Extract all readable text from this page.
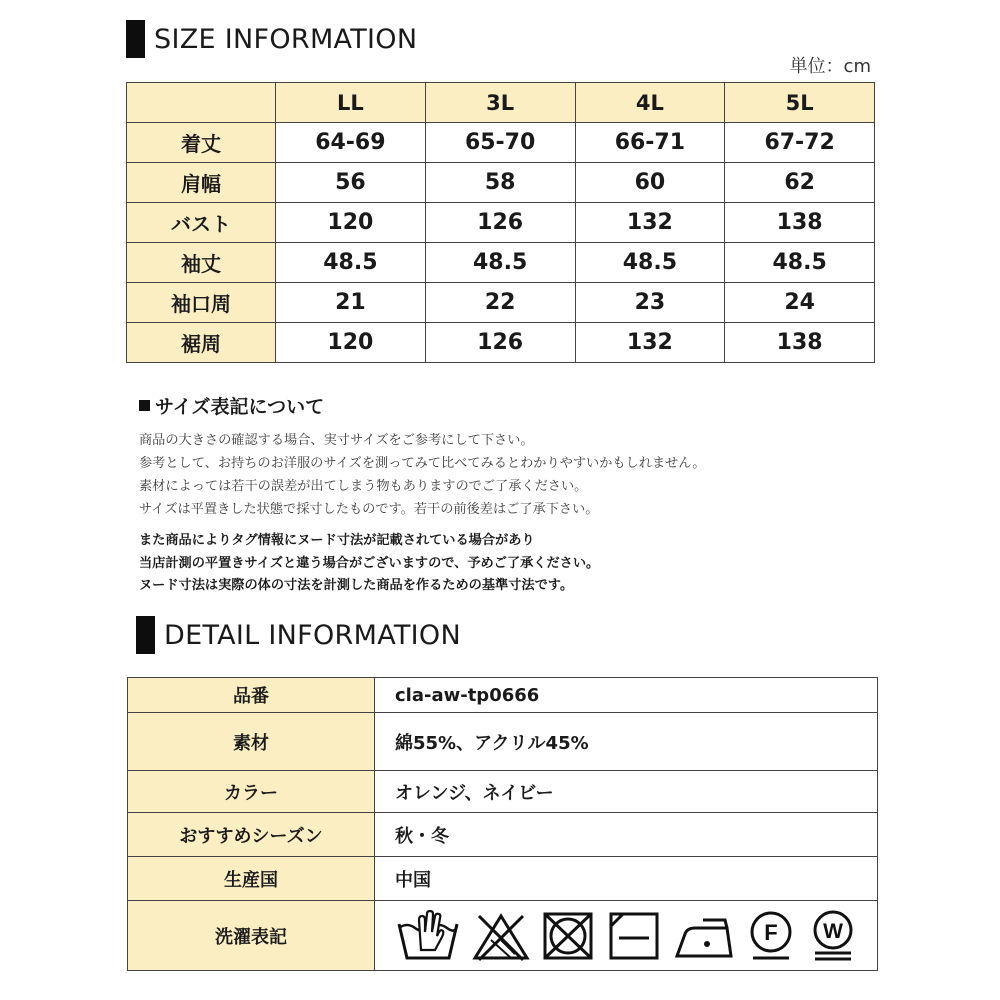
SIZE INFORMATION
単位：cm
	LL	3L	4L	5L
着丈	64-69	65-70	66-71	67-72
肩幅	56	58	60	62
バスト	120	126	132	138
袖丈	48.5	48.5	48.5	48.5
袖口周	21	22	23	24
裾周	120	126	132	138
サイズ表記について
商品の大きさの確認する場合、実寸サイズをご参考にして下さい。
参考として、お持ちのお洋服のサイズを測ってみて比べてみるとわかりやすいかもしれません。
素材によっては若干の誤差が出てしまう物もありますのでご了承ください。
サイズは平置きした状態で採寸したものです。若干の前後差はご了承下さい。
また商品によりタグ情報にヌード寸法が記載されている場合があり
当店計測の平置きサイズと違う場合がございますので、予めご了承ください。
ヌード寸法は実際の体の寸法を計測した商品を作るための基準寸法です。
DETAIL INFORMATION
品番	cla-aw-tp0666
素材	綿55%、アクリル45%
カラー	オレンジ、ネイビー
おすすめシーズン	秋・冬
生産国	中国
洗濯表記	F W
